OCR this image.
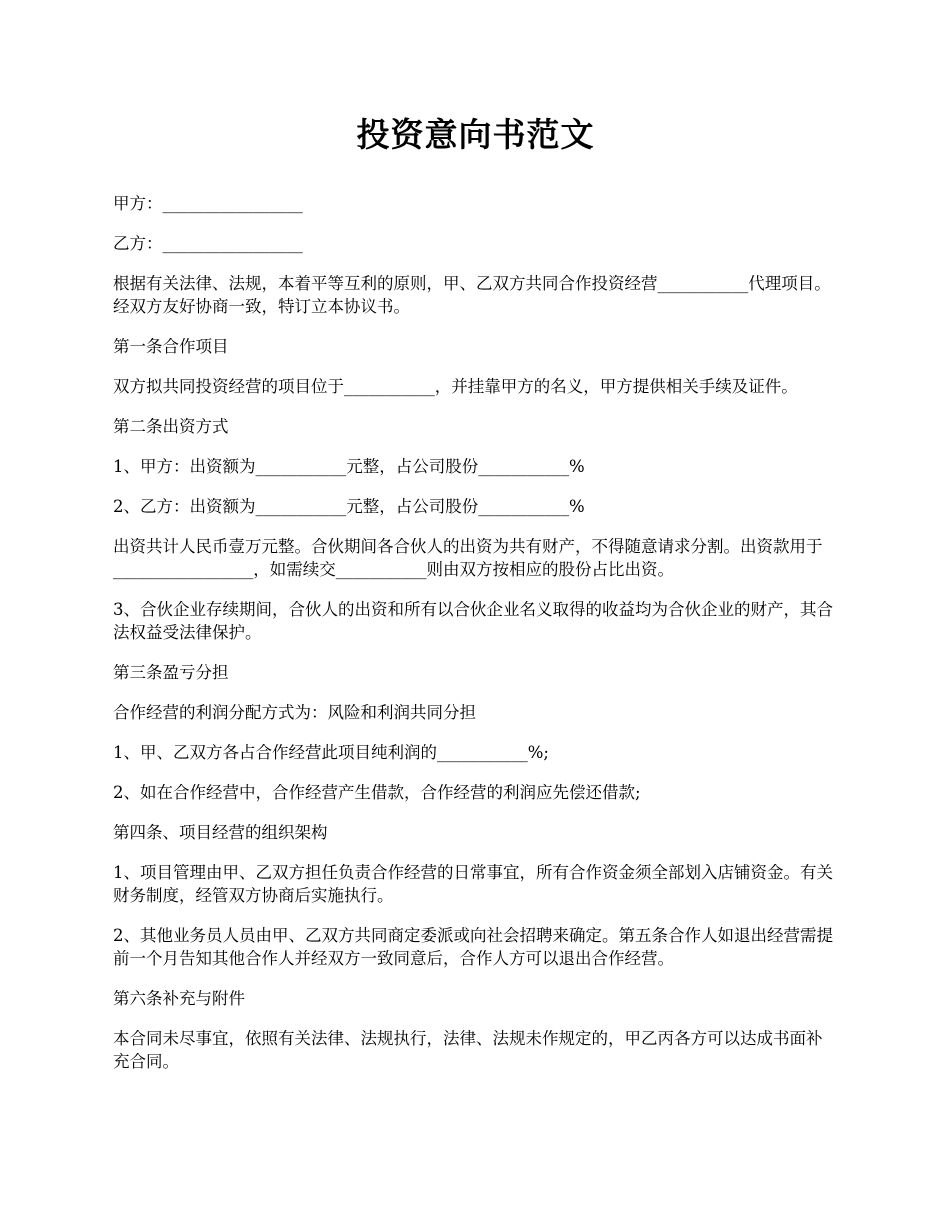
投资意向书范文

甲方：_________________

乙方：_________________

根据有关法律、法规，本着平等互利的原则，甲、乙双方共同合作投资经营___________代理项目。经双方友好协商一致，特订立本协议书。

第一条合作项目

双方拟共同投资经营的项目位于___________，并挂靠甲方的名义，甲方提供相关手续及证件。

第二条出资方式

1、甲方：出资额为___________元整，占公司股份___________%

2、乙方：出资额为___________元整，占公司股份___________%

出资共计人民币壹万元整。合伙期间各合伙人的出资为共有财产，不得随意请求分割。出资款用于_________________，如需续交___________则由双方按相应的股份占比出资。

3、合伙企业存续期间，合伙人的出资和所有以合伙企业名义取得的收益均为合伙企业的财产，其合法权益受法律保护。

第三条盈亏分担

合作经营的利润分配方式为：风险和利润共同分担

1、甲、乙双方各占合作经营此项目纯利润的___________%;

2、如在合作经营中，合作经营产生借款，合作经营的利润应先偿还借款;

第四条、项目经营的组织架构

1、项目管理由甲、乙双方担任负责合作经营的日常事宜，所有合作资金须全部划入店铺资金。有关财务制度，经管双方协商后实施执行。

2、其他业务员人员由甲、乙双方共同商定委派或向社会招聘来确定。第五条合作人如退出经营需提前一个月告知其他合作人并经双方一致同意后，合作人方可以退出合作经营。

第六条补充与附件

本合同未尽事宜，依照有关法律、法规执行，法律、法规未作规定的，甲乙丙各方可以达成书面补充合同。
